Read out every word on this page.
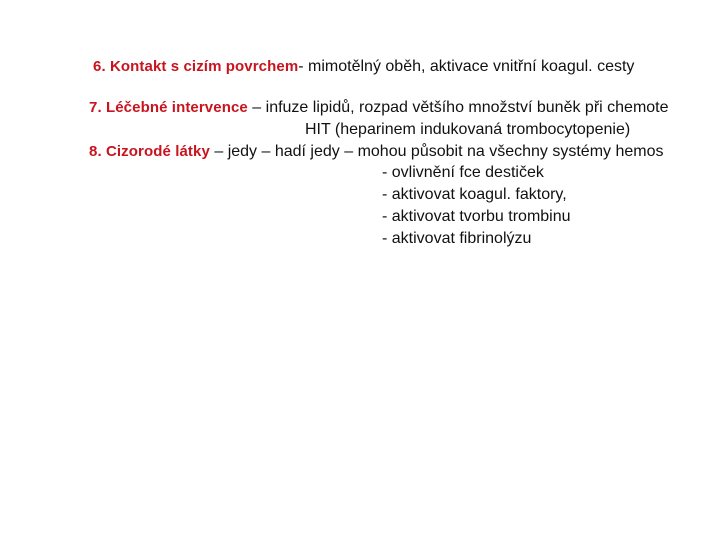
6. Kontakt s cizím povrchem- mimotělný oběh, aktivace vnitřní koagul. cesty
7. Léčebné intervence – infuze lipidů, rozpad většího množství buněk při chemote
HIT (heparinem indukovaná trombocytopenie)
8. Cizorodé látky – jedy – hadí jedy – mohou působit na všechny systémy hemos
- ovlivnění fce destiček
- aktivovat koagul. faktory,
- aktivovat tvorbu trombinu
- aktivovat fibrinolýzu
